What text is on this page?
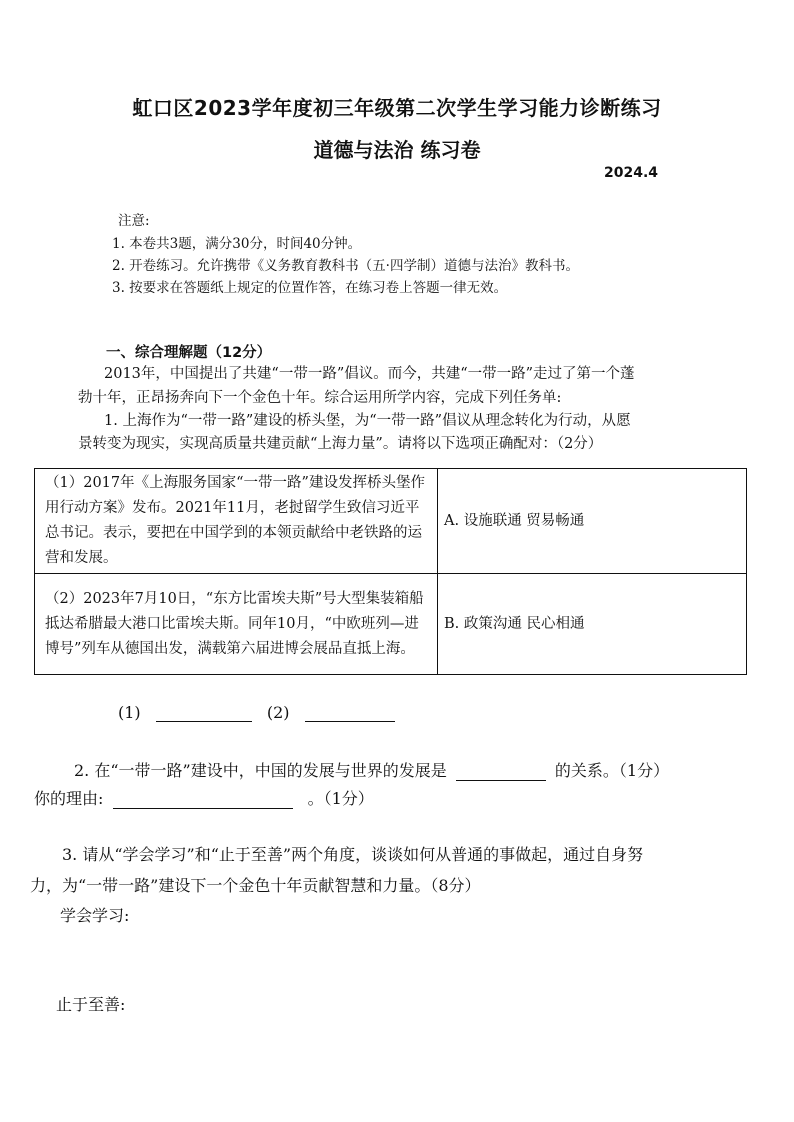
虹口区2023学年度初三年级第二次学生学习能力诊断练习
道德与法治 练习卷
2024.4
注意:
1. 本卷共3题，满分30分，时间40分钟。
2. 开卷练习。允许携带《义务教育教科书（五·四学制）道德与法治》教科书。
3. 按要求在答题纸上规定的位置作答，在练习卷上答题一律无效。
一、综合理解题（12分）
2013年，中国提出了共建“一带一路”倡议。而今，共建“一带一路”走过了第一个蓬
勃十年，正昂扬奔向下一个金色十年。综合运用所学内容，完成下列任务单:
1. 上海作为“一带一路”建设的桥头堡，为“一带一路”倡议从理念转化为行动，从愿
景转变为现实，实现高质量共建贡献“上海力量”。请将以下选项正确配对：（2分）
（1）2017年《上海服务国家“一带一路”建设发挥桥头堡作用行动方案》发布。2021年11月，老挝留学生致信习近平总书记。表示，要把在中国学到的本领贡献给中老铁路的运营和发展。	A. 设施联通 贸易畅通
（2）2023年7月10日，“东方比雷埃夫斯”号大型集装箱船抵达希腊最大港口比雷埃夫斯。同年10月，“中欧班列—进博号”列车从德国出发，满载第六届进博会展品直抵上海。	B. 政策沟通 民心相通
(1)	(2)
2. 在“一带一路”建设中，中国的发展与世界的发展是	的关系。（1分）
你的理由:	。（1分）
3. 请从“学会学习”和“止于至善”两个角度，谈谈如何从普通的事做起，通过自身努
力，为“一带一路”建设下一个金色十年贡献智慧和力量。（8分）
学会学习:
止于至善:
